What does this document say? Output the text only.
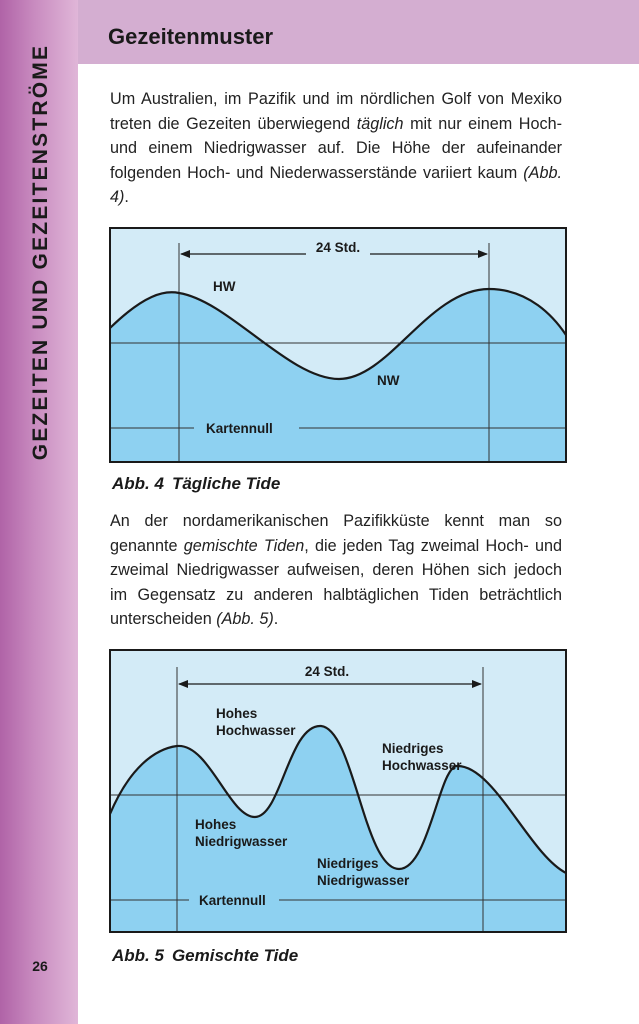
GEZEITEN UND GEZEITENSTRÖME
26
Gezeitenmuster

Um Australien, im Pazifik und im nördlichen Golf von Mexiko treten die Gezeiten überwiegend täglich mit nur einem Hoch- und einem Niedrigwasser auf. Die Höhe der aufeinander folgenden Hoch- und Niederwasserstände variiert kaum (Abb. 4).

24 Std.
HW
NW
Kartennull
Abb. 4 Tägliche Tide

An der nordamerikanischen Pazifikküste kennt man so genannte gemischte Tiden, die jeden Tag zweimal Hoch- und zweimal Niedrigwasser aufweisen, deren Höhen sich jedoch im Gegensatz zu anderen halbtäglichen Tiden beträchtlich unterscheiden (Abb. 5).

24 Std.
Hohes
Hochwasser
Niedriges
Hochwasser
Hohes
Niedrigwasser
Niedriges
Niedrigwasser
Kartennull
Abb. 5 Gemischte Tide
